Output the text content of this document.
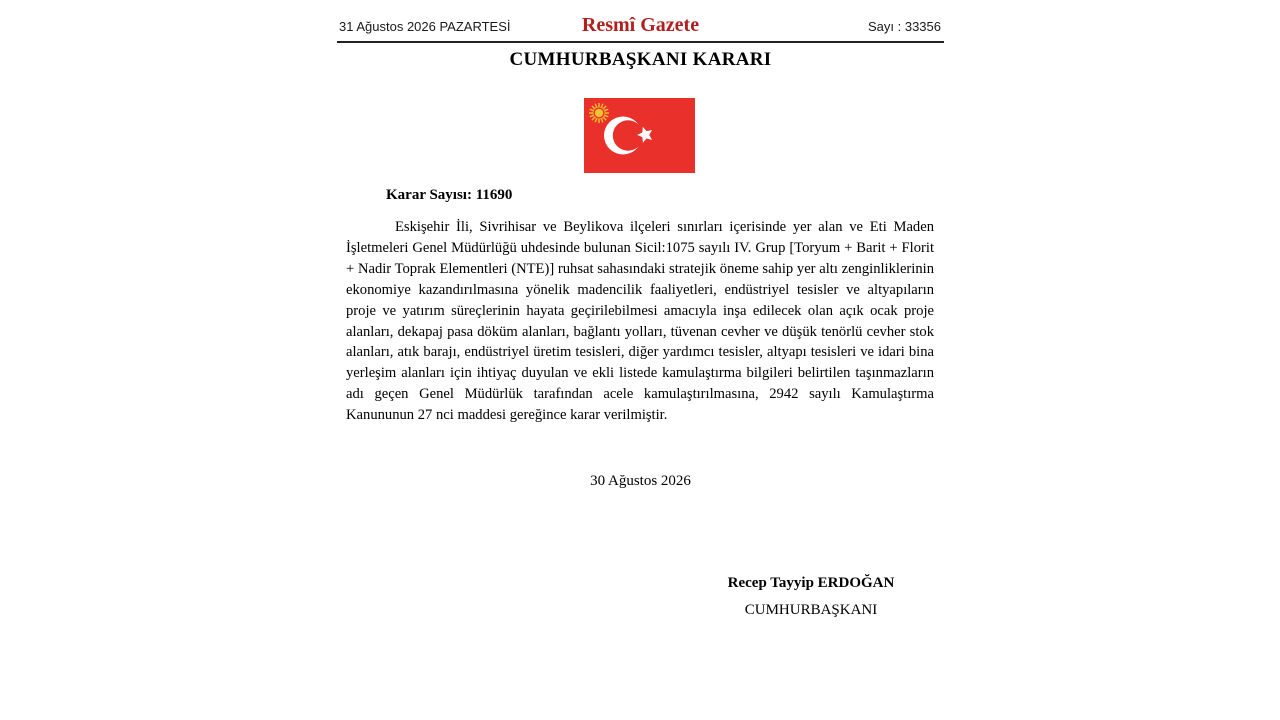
31 Ağustos 2026 PAZARTESİ	Resmî Gazete	Sayı : 33356
CUMHURBAŞKANI KARARI
Karar Sayısı: 11690

Eskişehir İli, Sivrihisar ve Beylikova ilçeleri sınırları içerisinde yer alan ve Eti Maden İşletmeleri Genel Müdürlüğü uhdesinde bulunan Sicil:1075 sayılı IV. Grup [Toryum + Barit + Florit + Nadir Toprak Elementleri (NTE)] ruhsat sahasındaki stratejik öneme sahip yer altı zenginliklerinin ekonomiye kazandırılmasına yönelik madencilik faaliyetleri, endüstriyel tesisler ve altyapıların proje ve yatırım süreçlerinin hayata geçirilebilmesi amacıyla inşa edilecek olan açık ocak proje alanları, dekapaj pasa döküm alanları, bağlantı yolları, tüvenan cevher ve düşük tenörlü cevher stok alanları, atık barajı, endüstriyel üretim tesisleri, diğer yardımcı tesisler, altyapı tesisleri ve idari bina yerleşim alanları için ihtiyaç duyulan ve ekli listede kamulaştırma bilgileri belirtilen taşınmazların adı geçen Genel Müdürlük tarafından acele kamulaştırılmasına, 2942 sayılı Kamulaştırma Kanununun 27 nci maddesi gereğince karar verilmiştir.

30 Ağustos 2026
Recep Tayyip ERDOĞAN
CUMHURBAŞKANI
